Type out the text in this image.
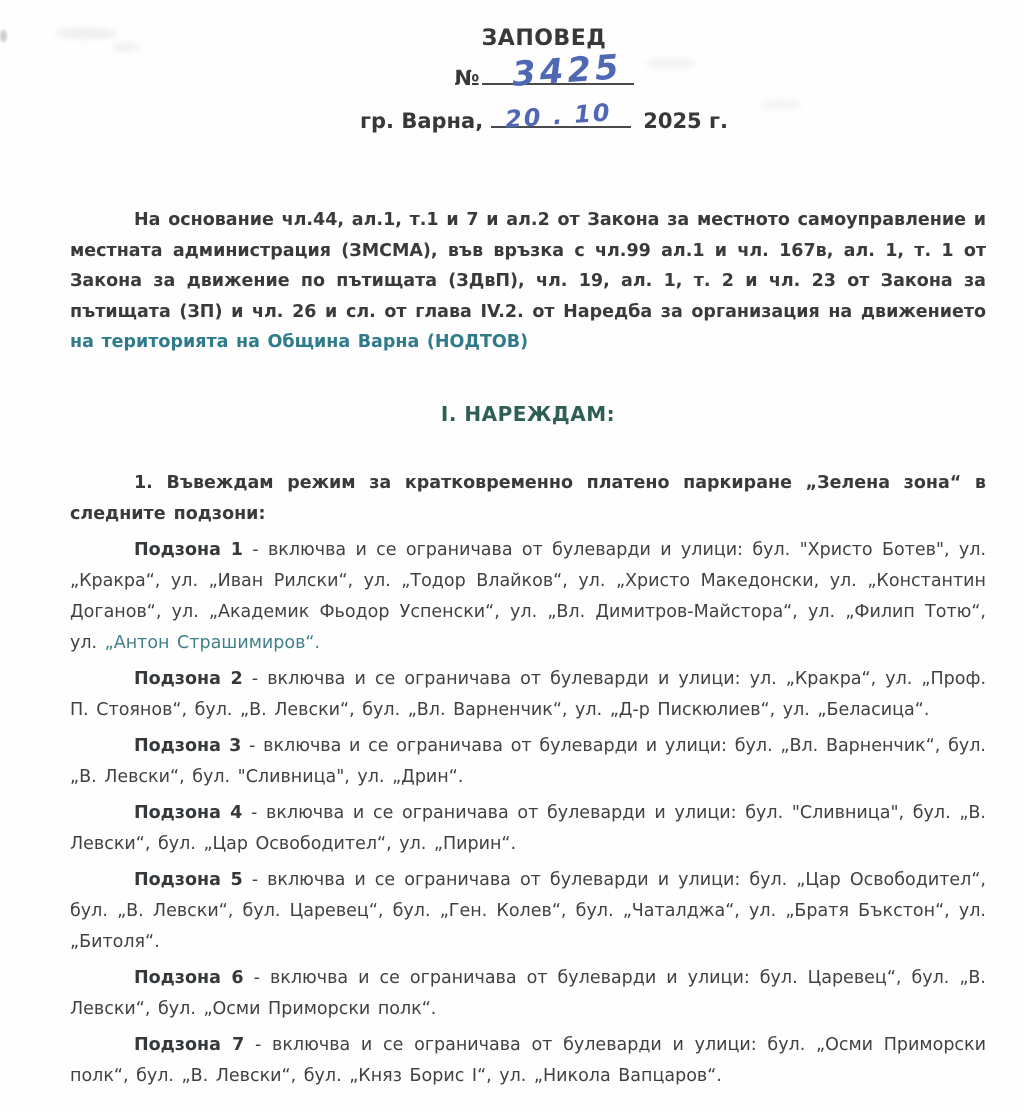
ЗАПОВЕД
№ 3425
гр. Варна, 20 . 10 2025 г.

На основание чл.44, ал.1, т.1 и 7 и ал.2 от Закона за местното самоуправление и местната администрация (ЗМСМА), във връзка с чл.99 ал.1 и чл. 167в, ал. 1, т. 1 от Закона за движение по пътищата (ЗДвП), чл. 19, ал. 1, т. 2 и чл. 23 от Закона за пътищата (ЗП) и чл. 26 и сл. от глава IV.2. от Наредба за организация на движението на територията на Община Варна (НОДТОВ)

I. НАРЕЖДАМ:

1. Въвеждам режим за кратковременно платено паркиране „Зелена зона“ в следните подзони:

Подзона 1 - включва и се ограничава от булеварди и улици: бул. "Христо Ботев", ул. „Кракра“, ул. „Иван Рилски“, ул. „Тодор Влайков“, ул. „Христо Македонски, ул. „Константин Доганов“, ул. „Академик Фьодор Успенски“, ул. „Вл. Димитров-Майстора“, ул. „Филип Тотю“, ул. „Антон Страшимиров“.

Подзона 2 - включва и се ограничава от булеварди и улици: ул. „Кракра“, ул. „Проф. П. Стоянов“, бул. „В. Левски“, бул. „Вл. Варненчик“, ул. „Д-р Пискюлиев“, ул. „Беласица“.

Подзона 3 - включва и се ограничава от булеварди и улици: бул. „Вл. Варненчик“, бул. „В. Левски“, бул. "Сливница", ул. „Дрин“.

Подзона 4 - включва и се ограничава от булеварди и улици: бул. "Сливница", бул. „В. Левски“, бул. „Цар Освободител“, ул. „Пирин“.

Подзона 5 - включва и се ограничава от булеварди и улици: бул. „Цар Освободител“, бул. „В. Левски“, бул. Царевец“, бул. „Ген. Колев“, бул. „Чаталджа“, ул. „Братя Бъкстон“, ул. „Битоля“.

Подзона 6 - включва и се ограничава от булеварди и улици: бул. Царевец“, бул. „В. Левски“, бул. „Осми Приморски полк“.

Подзона 7 - включва и се ограничава от булеварди и улици: бул. „Осми Приморски полк“, бул. „В. Левски“, бул. „Княз Борис I“, ул. „Никола Вапцаров“.
